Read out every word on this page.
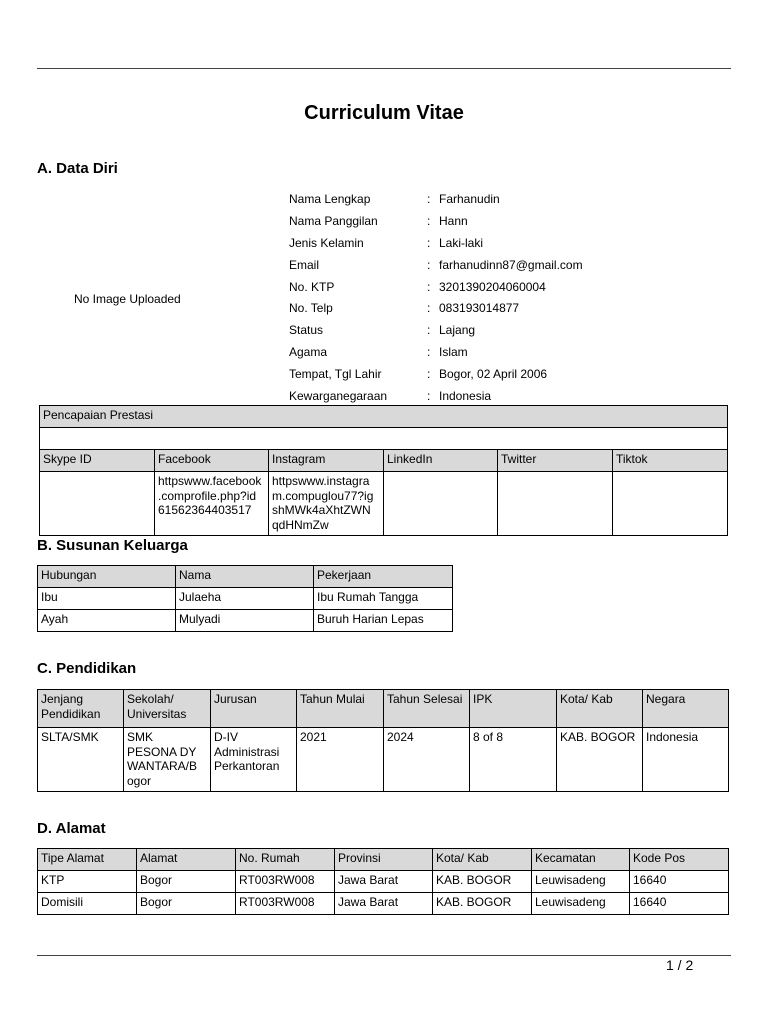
Curriculum Vitae
A. Data Diri
No Image Uploaded
Nama Lengkap	: Farhanudin
Nama Panggilan	: Hann
Jenis Kelamin	: Laki-laki
Email	: farhanudinn87@gmail.com
No. KTP	: 3201390204060004
No. Telp	: 083193014877
Status	: Lajang
Agama	: Islam
Tempat, Tgl Lahir	: Bogor, 02 April 2006
Kewarganegaraan	: Indonesia
Pencapaian Prestasi					

Skype ID	Facebook	Instagram	LinkedIn	Twitter	Tiktok
	httpswww.facebook
.comprofile.php?id
61562364403517	httpswww.instagra
m.compuglou77?ig
shMWk4aXhtZWN
qdHNmZw			
B. Susunan Keluarga
Hubungan	Nama	Pekerjaan
Ibu	Julaeha	Ibu Rumah Tangga
Ayah	Mulyadi	Buruh Harian Lepas
C. Pendidikan
Jenjang
Pendidikan	Sekolah/
Universitas	Jurusan	Tahun Mulai	Tahun Selesai	IPK	Kota/ Kab	Negara
SLTA/SMK	SMK
PESONA DY
WANTARA/B
ogor	D-IV
Administrasi
Perkantoran	2021	2024	8 of 8	KAB. BOGOR	Indonesia
D. Alamat
Tipe Alamat	Alamat	No. Rumah	Provinsi	Kota/ Kab	Kecamatan	Kode Pos
KTP	Bogor	RT003RW008	Jawa Barat	KAB. BOGOR	Leuwisadeng	16640
Domisili	Bogor	RT003RW008	Jawa Barat	KAB. BOGOR	Leuwisadeng	16640
1 / 2
